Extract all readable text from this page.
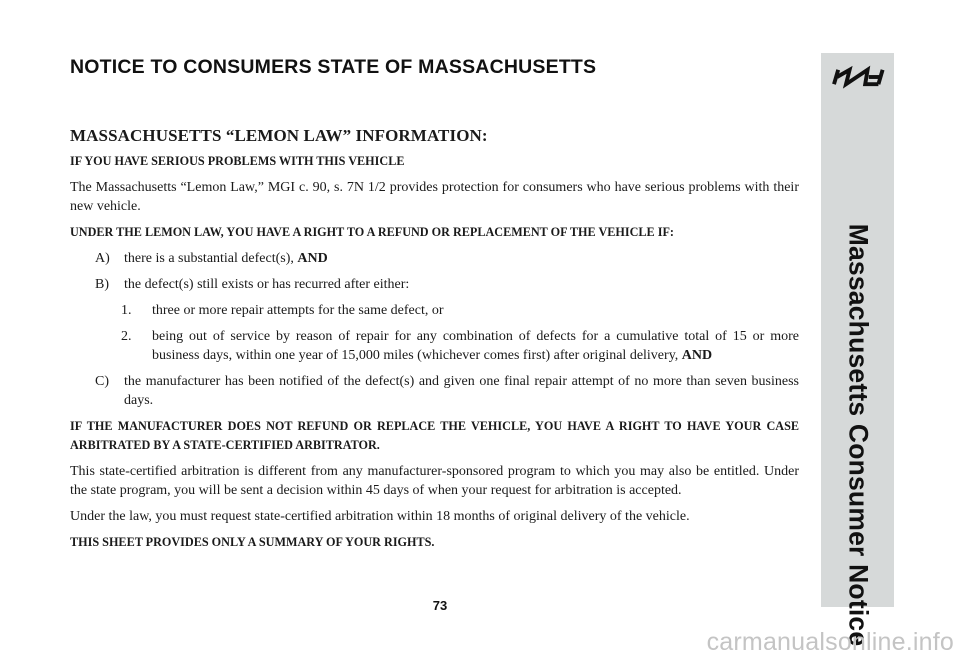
NOTICE TO CONSUMERS STATE OF MASSACHUSETTS
MASSACHUSETTS “LEMON LAW” INFORMATION:

IF YOU HAVE SERIOUS PROBLEMS WITH THIS VEHICLE

The Massachusetts “Lemon Law,” MGI c. 90, s. 7N 1/2 provides protection for consumers who have serious problems with their new vehicle.

UNDER THE LEMON LAW, YOU HAVE A RIGHT TO A REFUND OR REPLACEMENT OF THE VEHICLE IF:

A)	there is a substantial defect(s), AND
B)	the defect(s) still exists or has recurred after either:
1.	three or more repair attempts for the same defect, or
2.	being out of service by reason of repair for any combination of defects for a cumulative total of 15 or more business days, within one year of 15,000 miles (whichever comes first) after original delivery, AND
C)	the manufacturer has been notified of the defect(s) and given one final repair attempt of no more than seven business days.

IF THE MANUFACTURER DOES NOT REFUND OR REPLACE THE VEHICLE, YOU HAVE A RIGHT TO HAVE YOUR CASE ARBITRATED BY A STATE-CERTIFIED ARBITRATOR.

This state-certified arbitration is different from any manufacturer-sponsored program to which you may also be entitled. Under the state program, you will be sent a decision within 45 days of when your request for arbitration is accepted.

Under the law, you must request state-certified arbitration within 18 months of original delivery of the vehicle.

THIS SHEET PROVIDES ONLY A SUMMARY OF YOUR RIGHTS.	Massachusetts Consumer Notice
73
carmanualsonline.info
